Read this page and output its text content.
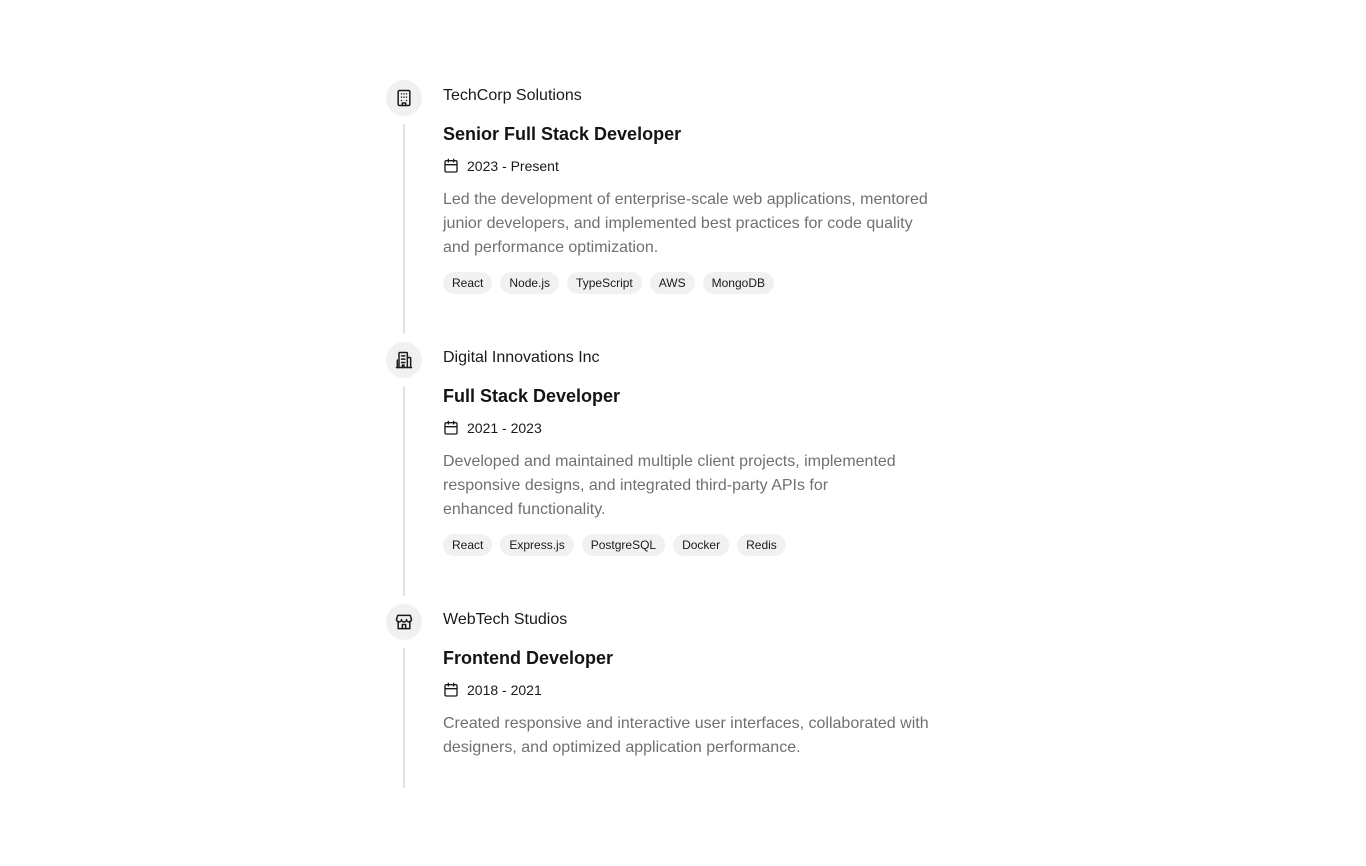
TechCorp Solutions
Senior Full Stack Developer
2023 - Present
Led the development of enterprise-scale web applications, mentored
junior developers, and implemented best practices for code quality
and performance optimization.
React	Node.js	TypeScript	AWS	MongoDB
Digital Innovations Inc
Full Stack Developer
2021 - 2023
Developed and maintained multiple client projects, implemented
responsive designs, and integrated third-party APIs for
enhanced functionality.
React	Express.js	PostgreSQL	Docker	Redis
WebTech Studios
Frontend Developer
2018 - 2021
Created responsive and interactive user interfaces, collaborated with
designers, and optimized application performance.
